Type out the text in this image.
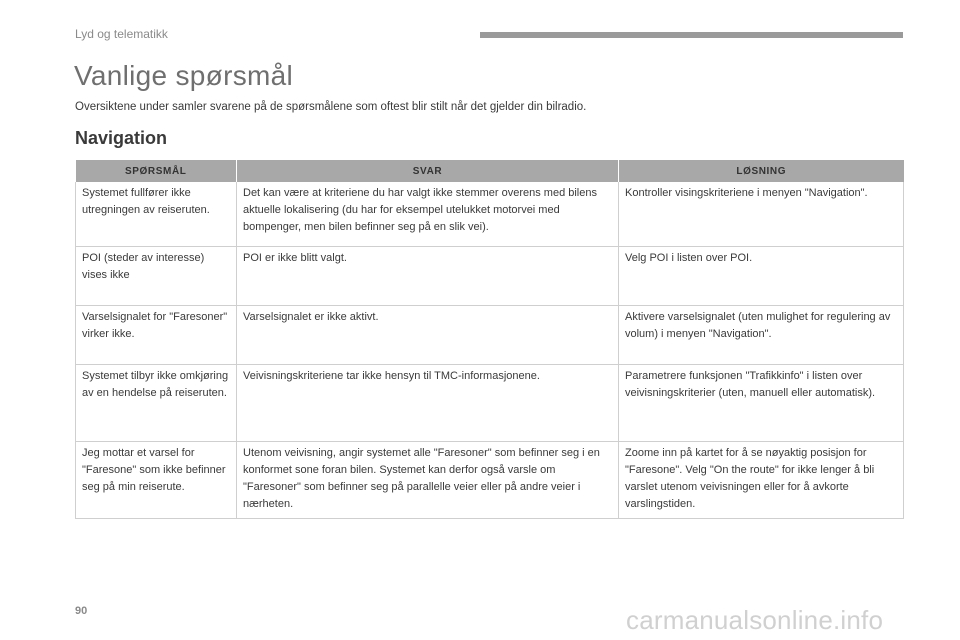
Lyd og telematikk
Vanlige spørsmål
Oversiktene under samler svarene på de spørsmålene som oftest blir stilt når det gjelder din bilradio.
Navigation
SPØRSMÅL	SVAR	LØSNING
Systemet fullfører ikke utregningen av reiseruten.	Det kan være at kriteriene du har valgt ikke stemmer overens med bilens aktuelle lokalisering (du har for eksempel utelukket motorvei med bompenger, men bilen befinner seg på en slik vei).	Kontroller visingskriteriene i menyen "Navigation".
POI (steder av interesse) vises ikke	POI er ikke blitt valgt.	Velg POI i listen over POI.
Varselsignalet for "Faresoner" virker ikke.	Varselsignalet er ikke aktivt.	Aktivere varselsignalet (uten mulighet for regulering av volum) i menyen "Navigation".
Systemet tilbyr ikke omkjøring av en hendelse på reiseruten.	Veivisningskriteriene tar ikke hensyn til TMC-informasjonene.	Parametrere funksjonen "Trafikkinfo" i listen over veivisningskriterier (uten, manuell eller automatisk).
Jeg mottar et varsel for "Faresone" som ikke befinner seg på min reiserute.	Utenom veivisning, angir systemet alle "Faresoner" som befinner seg i en konformet sone foran bilen. Systemet kan derfor også varsle om "Faresoner" som befinner seg på parallelle veier eller på andre veier i nærheten.	Zoome inn på kartet for å se nøyaktig posisjon for "Faresone". Velg "On the route" for ikke lenger å bli varslet utenom veivisningen eller for å avkorte varslingstiden.
90	carmanualsonline.info
